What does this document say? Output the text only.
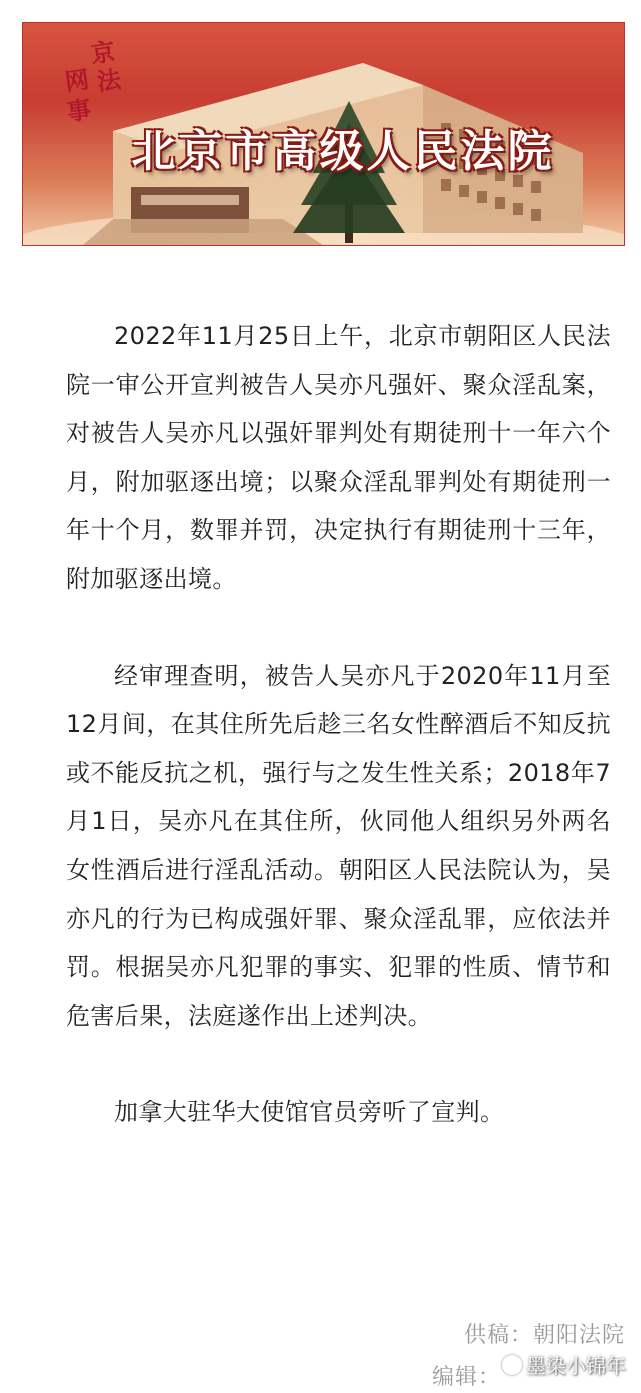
京
法
网
事
北京市高级人民法院

2022年11月25日上午，北京市朝阳区人民法院一审公开宣判被告人吴亦凡强奸、聚众淫乱案，对被告人吴亦凡以强奸罪判处有期徒刑十一年六个月，附加驱逐出境；以聚众淫乱罪判处有期徒刑一年十个月，数罪并罚，决定执行有期徒刑十三年，附加驱逐出境。

经审理查明，被告人吴亦凡于2020年11月至12月间，在其住所先后趁三名女性醉酒后不知反抗或不能反抗之机，强行与之发生性关系；2018年7月1日，吴亦凡在其住所，伙同他人组织另外两名女性酒后进行淫乱活动。朝阳区人民法院认为，吴亦凡的行为已构成强奸罪、聚众淫乱罪，应依法并罚。根据吴亦凡犯罪的事实、犯罪的性质、情节和危害后果，法庭遂作出上述判决。

加拿大驻华大使馆官员旁听了宣判。

供稿：朝阳法院
编辑： 墨染小锦年
